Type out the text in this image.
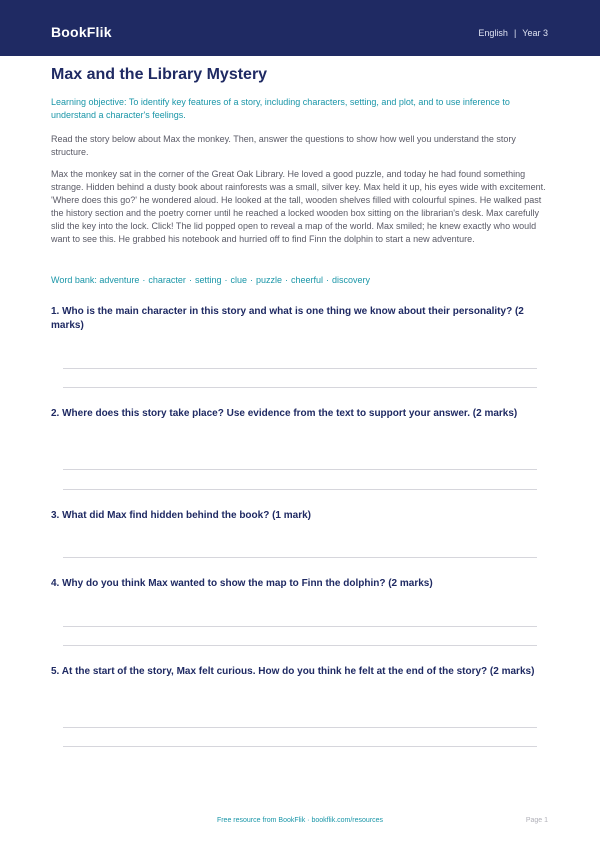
BookFlik	English | Year 3
Max and the Library Mystery
Learning objective: To identify key features of a story, including characters, setting, and plot, and to use inference to understand a character's feelings.
Read the story below about Max the monkey. Then, answer the questions to show how well you understand the story structure.
Max the monkey sat in the corner of the Great Oak Library. He loved a good puzzle, and today he had found something strange. Hidden behind a dusty book about rainforests was a small, silver key. Max held it up, his eyes wide with excitement. 'Where does this go?' he wondered aloud. He looked at the tall, wooden shelves filled with colourful spines. He walked past the history section and the poetry corner until he reached a locked wooden box sitting on the librarian's desk. Max carefully slid the key into the lock. Click! The lid popped open to reveal a map of the world. Max smiled; he knew exactly who would want to see this. He grabbed his notebook and hurried off to find Finn the dolphin to start a new adventure.
Word bank: adventure · character · setting · clue · puzzle · cheerful · discovery
1. Who is the main character in this story and what is one thing we know about their personality? (2 marks)
2. Where does this story take place? Use evidence from the text to support your answer. (2 marks)
3. What did Max find hidden behind the book? (1 mark)
4. Why do you think Max wanted to show the map to Finn the dolphin? (2 marks)
5. At the start of the story, Max felt curious. How do you think he felt at the end of the story? (2 marks)
Free resource from BookFlik · bookflik.com/resources	Page 1
